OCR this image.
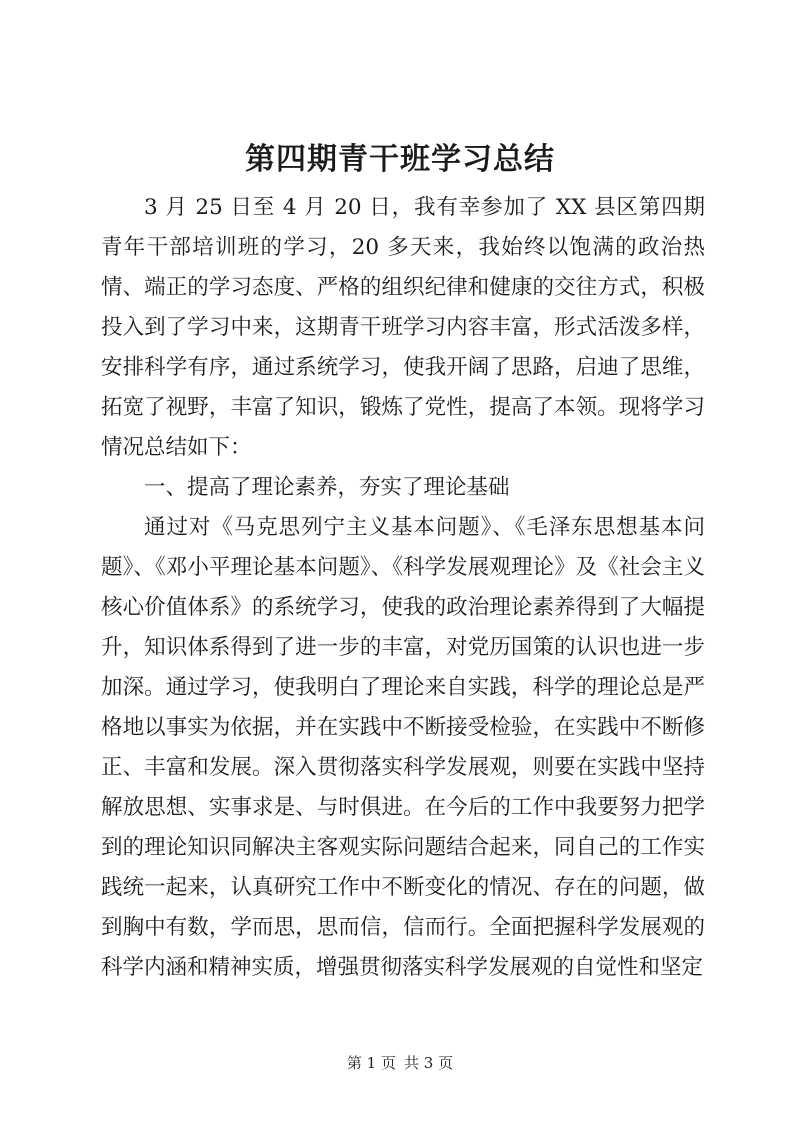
第四期青干班学习总结

3 月 25 日至 4 月 20 日，我有幸参加了 XX 县区第四期青年干部培训班的学习，20 多天来，我始终以饱满的政治热情、端正的学习态度、严格的组织纪律和健康的交往方式，积极投入到了学习中来，这期青干班学习内容丰富，形式活泼多样，安排科学有序，通过系统学习，使我开阔了思路，启迪了思维，拓宽了视野，丰富了知识，锻炼了党性，提高了本领。现将学习情况总结如下：

一、提高了理论素养，夯实了理论基础

通过对《马克思列宁主义基本问题》、《毛泽东思想基本问题》、《邓小平理论基本问题》、《科学发展观理论》及《社会主义核心价值体系》的系统学习，使我的政治理论素养得到了大幅提升，知识体系得到了进一步的丰富，对党历国策的认识也进一步加深。通过学习，使我明白了理论来自实践，科学的理论总是严格地以事实为依据，并在实践中不断接受检验，在实践中不断修正、丰富和发展。深入贯彻落实科学发展观，则要在实践中坚持解放思想、实事求是、与时俱进。在今后的工作中我要努力把学到的理论知识同解决主客观实际问题结合起来，同自己的工作实践统一起来，认真研究工作中不断变化的情况、存在的问题，做到胸中有数，学而思，思而信，信而行。全面把握科学发展观的科学内涵和精神实质，增强贯彻落实科学发展观的自觉性和坚定

第 1 页 共 3 页
